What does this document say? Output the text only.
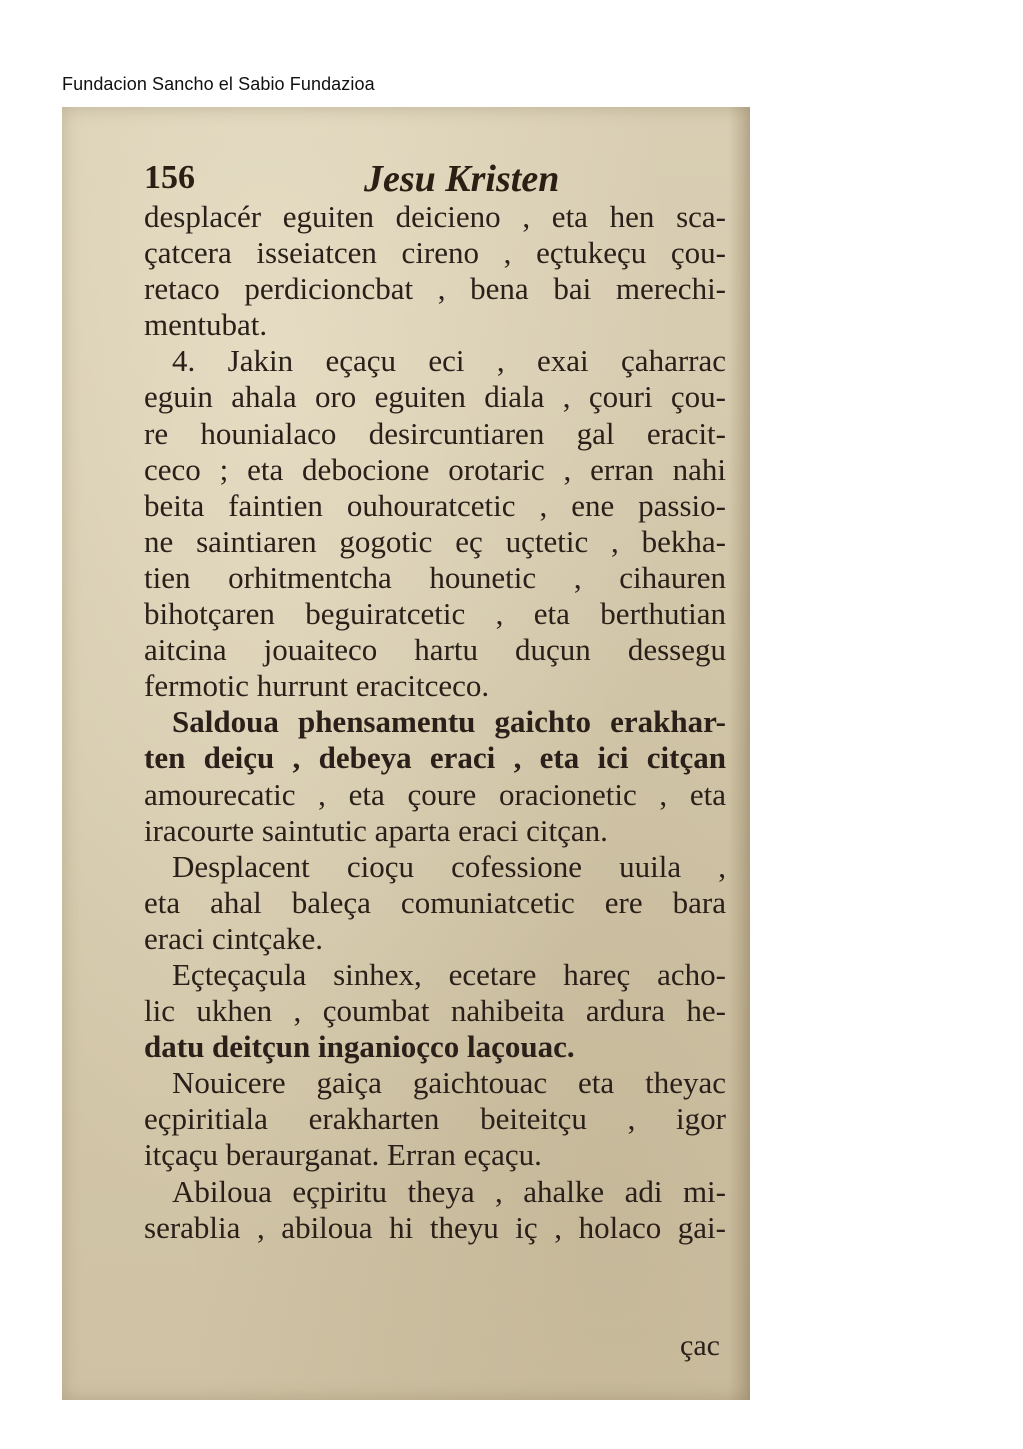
Fundacion Sancho el Sabio Fundazioa
156	Jesu Kristen
desplacér eguiten deicieno , eta hen sca-
çatcera isseiatcen cireno , eçtukeçu çou-
retaco perdicioncbat , bena bai merechi-
mentubat.
4. Jakin eçaçu eci , exai çaharrac
eguin ahala oro eguiten diala , çouri çou-
re hounialaco desircuntiaren gal eracit-
ceco ; eta debocione orotaric , erran nahi
beita faintien ouhouratcetic , ene passio-
ne saintiaren gogotic eç uçtetic , bekha-
tien orhitmentcha hounetic , cihauren
bihotçaren beguiratcetic , eta berthutian
aitcina jouaiteco hartu duçun dessegu
fermotic hurrunt eracitceco.
Saldoua phensamentu gaichto erakhar-
ten deiçu , debeya eraci , eta ici citçan
amourecatic , eta çoure oracionetic , eta
iracourte saintutic aparta eraci citçan.
Desplacent cioçu cofessione uuila ,
eta ahal baleça comuniatcetic ere bara
eraci cintçake.
Eçteçaçula sinhex, ecetare hareç acho-
lic ukhen , çoumbat nahibeita ardura he-
datu deitçun inganioçco laçouac.
Nouicere gaiça gaichtouac eta theyac
eçpiritiala erakharten beiteitçu , igor
itçaçu beraurganat. Erran eçaçu.
Abiloua eçpiritu theya , ahalke adi mi-
serablia , abiloua hi theyu iç , holaco gai-
çac
